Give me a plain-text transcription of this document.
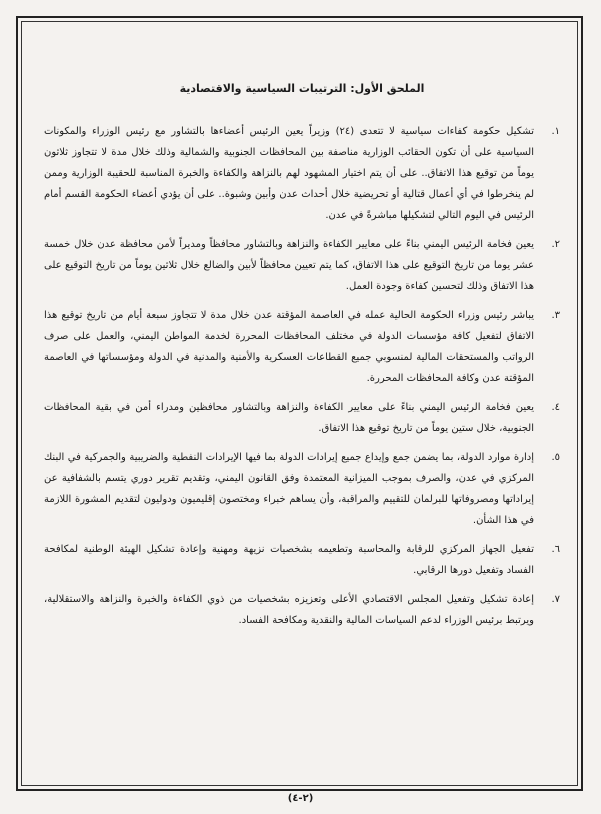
الملحق الأول: الترتيبات السياسية والاقتصادية
١.
تشكيل حكومة كفاءات سياسية لا تتعدى (٢٤) وزيراً يعين الرئيس أعضاءها بالتشاور مع رئيس الوزراء والمكونات السياسية على أن تكون الحقائب الوزارية مناصفة بين المحافظات الجنوبية والشمالية وذلك خلال مدة لا تتجاوز ثلاثون يوماً من توقيع هذا الاتفاق.. على أن يتم اختيار المشهود لهم بالنزاهة والكفاءة والخبرة المناسبة للحقيبة الوزارية وممن لم ينخرطوا في أي أعمال قتالية أو تحريضية خلال أحداث عدن وأبين وشبوة.. على أن يؤدي أعضاء الحكومة القسم أمام الرئيس في اليوم التالي لتشكيلها مباشرةً في عدن.
٢.
يعين فخامة الرئيس اليمني بناءً على معايير الكفاءة والنزاهة وبالتشاور محافظاً ومديراً لأمن محافظة عدن خلال خمسة عشر يوما من تاريخ التوقيع على هذا الاتفاق، كما يتم تعيين محافظاً لأبين والضالع خلال ثلاثين يوماً من تاريخ التوقيع على هذا الاتفاق وذلك لتحسين كفاءة وجودة العمل.
٣.
يباشر رئيس وزراء الحكومة الحالية عمله في العاصمة المؤقتة عدن خلال مدة لا تتجاوز سبعة أيام من تاريخ توقيع هذا الاتفاق لتفعيل كافة مؤسسات الدولة في مختلف المحافظات المحررة لخدمة المواطن اليمني، والعمل على صرف الرواتب والمستحقات المالية لمنسوبي جميع القطاعات العسكرية والأمنية والمدنية في الدولة ومؤسساتها في العاصمة المؤقتة عدن وكافة المحافظات المحررة.
٤.
يعين فخامة الرئيس اليمني بناءً على معايير الكفاءة والنزاهة وبالتشاور محافظين ومدراء أمن في بقية المحافظات الجنوبية، خلال ستين يوماً من تاريخ توقيع هذا الاتفاق.
٥.
إدارة موارد الدولة، بما يضمن جمع وإيداع جميع إيرادات الدولة بما فيها الإيرادات النفطية والضريبية والجمركية في البنك المركزي في عدن، والصرف بموجب الميزانية المعتمدة وفق القانون اليمني، وتقديم تقرير دوري يتسم بالشفافية عن إيراداتها ومصروفاتها للبرلمان للتقييم والمراقبة، وأن يساهم خبراء ومختصون إقليميون ودوليون لتقديم المشورة اللازمة في هذا الشأن.
٦.
تفعيل الجهاز المركزي للرقابة والمحاسبة وتطعيمه بشخصيات نزيهة ومهنية وإعادة تشكيل الهيئة الوطنية لمكافحة الفساد وتفعيل دورها الرقابي.
٧.
إعادة تشكيل وتفعيل المجلس الاقتصادي الأعلى وتعزيزه بشخصيات من ذوي الكفاءة والخبرة والنزاهة والاستقلالية، ويرتبط برئيس الوزراء لدعم السياسات المالية والنقدية ومكافحة الفساد.
(٢-٤)
